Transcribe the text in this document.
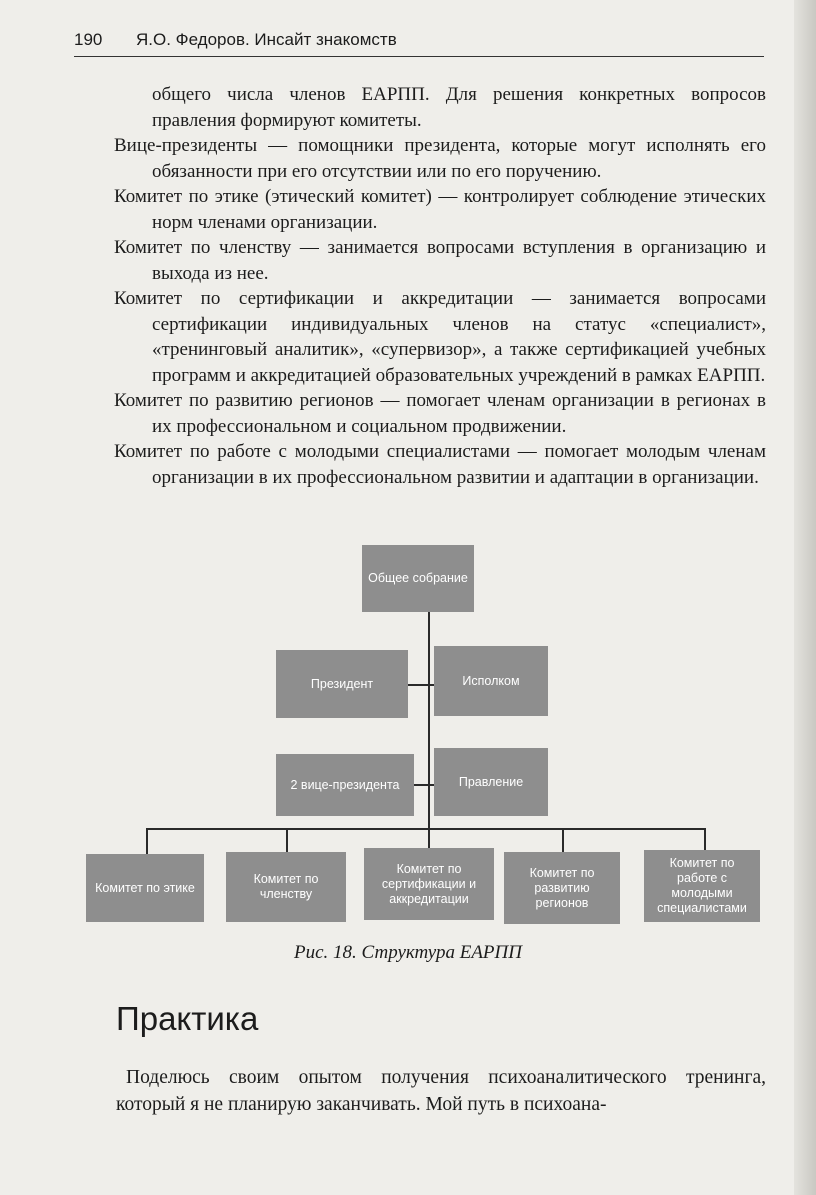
190 Я.О. Федоров. Инсайт знакомств
общего числа членов ЕАРПП. Для решения конкретных вопросов правления формируют комитеты.
Вице-президенты — помощники президента, которые могут исполнять его обязанности при его отсутствии или по его поручению.
Комитет по этике (этический комитет) — контролирует соблюдение этических норм членами организации.
Комитет по членству — занимается вопросами вступления в организацию и выхода из нее.
Комитет по сертификации и аккредитации — занимается вопросами сертификации индивидуальных членов на статус «специалист», «тренинговый аналитик», «супервизор», а также сертификацией учебных программ и аккредитацией образовательных учреждений в рамках ЕАРПП.
Комитет по развитию регионов — помогает членам организации в регионах в их профессиональном и социальном продвижении.
Комитет по работе с молодыми специалистами — помогает молодым членам организации в их профессиональном развитии и адаптации в организации.
Общее собрание
Президент	Исполком
2 вице-президента	Правление
Комитет по этике
Комитет по членству
Комитет по сертификации и аккредитации
Комитет по развитию регионов
Комитет по работе с молодыми специалистами
Рис. 18. Структура ЕАРПП
Практика
Поделюсь своим опытом получения психоаналитического тренинга, который я не планирую заканчивать. Мой путь в психоана-
